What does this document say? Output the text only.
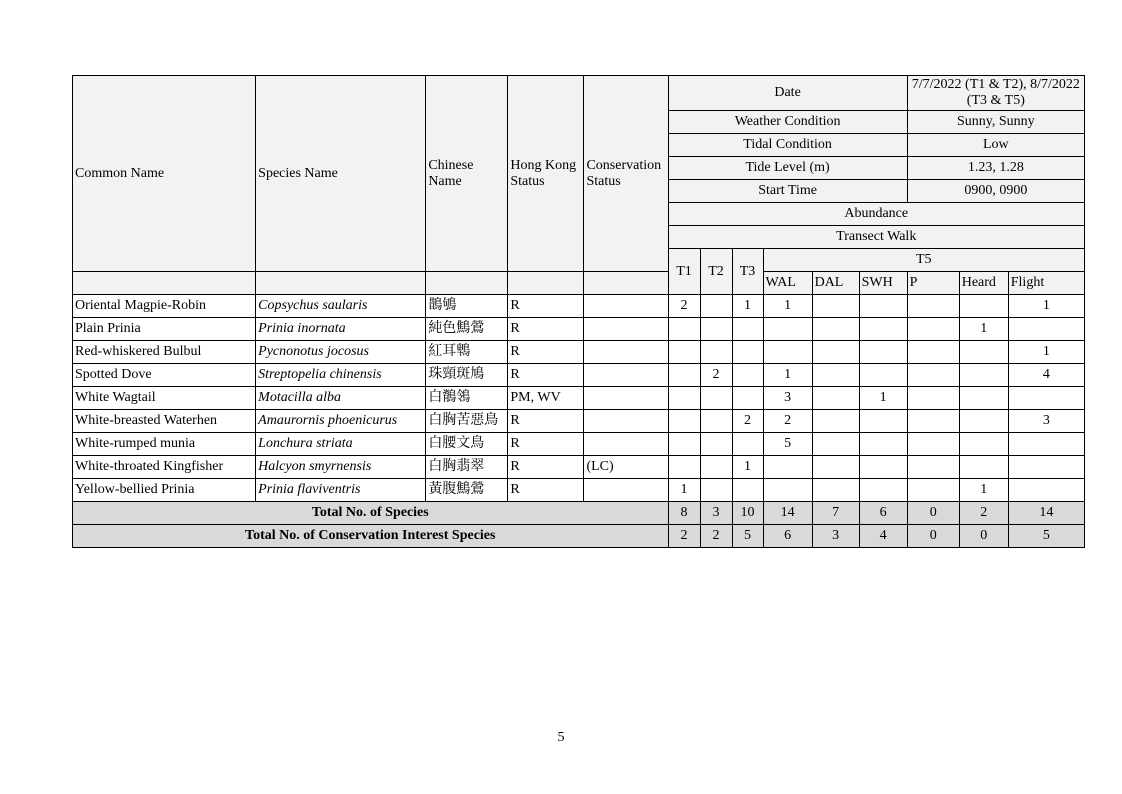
Common Name	Species Name	Chinese Name	Hong Kong Status	Conservation Status	Date						7/7/2022 (T1 & T2), 8/7/2022 (T3 & T5)		
					Weather Condition						Sunny, Sunny		
					Tidal Condition						Low		
					Tide Level (m)						1.23, 1.28		
					Start Time						0900, 0900		
					Abundance								
					Transect Walk								
					T1	T2	T3	T5					
								WAL	DAL	SWH	P	Heard	Flight
Oriental Magpie-Robin	Copsychus saularis	鵲鴝	R		2		1	1					1
Plain Prinia	Prinia inornata	純色鷦鶯	R									1	
Red-whiskered Bulbul	Pycnonotus jocosus	紅耳鵯	R										1
Spotted Dove	Streptopelia chinensis	珠頸斑鳩	R			2		1					4
White Wagtail	Motacilla alba	白鶺鴒	PM, WV					3		1			
White-breasted Waterhen	Amaurornis phoenicurus	白胸苦惡鳥	R				2	2					3
White-rumped munia	Lonchura striata	白腰文鳥	R					5					
White-throated Kingfisher	Halcyon smyrnensis	白胸翡翠	R	(LC)			1						
Yellow-bellied Prinia	Prinia flaviventris	黃腹鷦鶯	R		1							1	
Total No. of Species					8	3	10	14	7	6	0	2	14
Total No. of Conservation Interest Species					2	2	5	6	3	4	0	0	5
5
